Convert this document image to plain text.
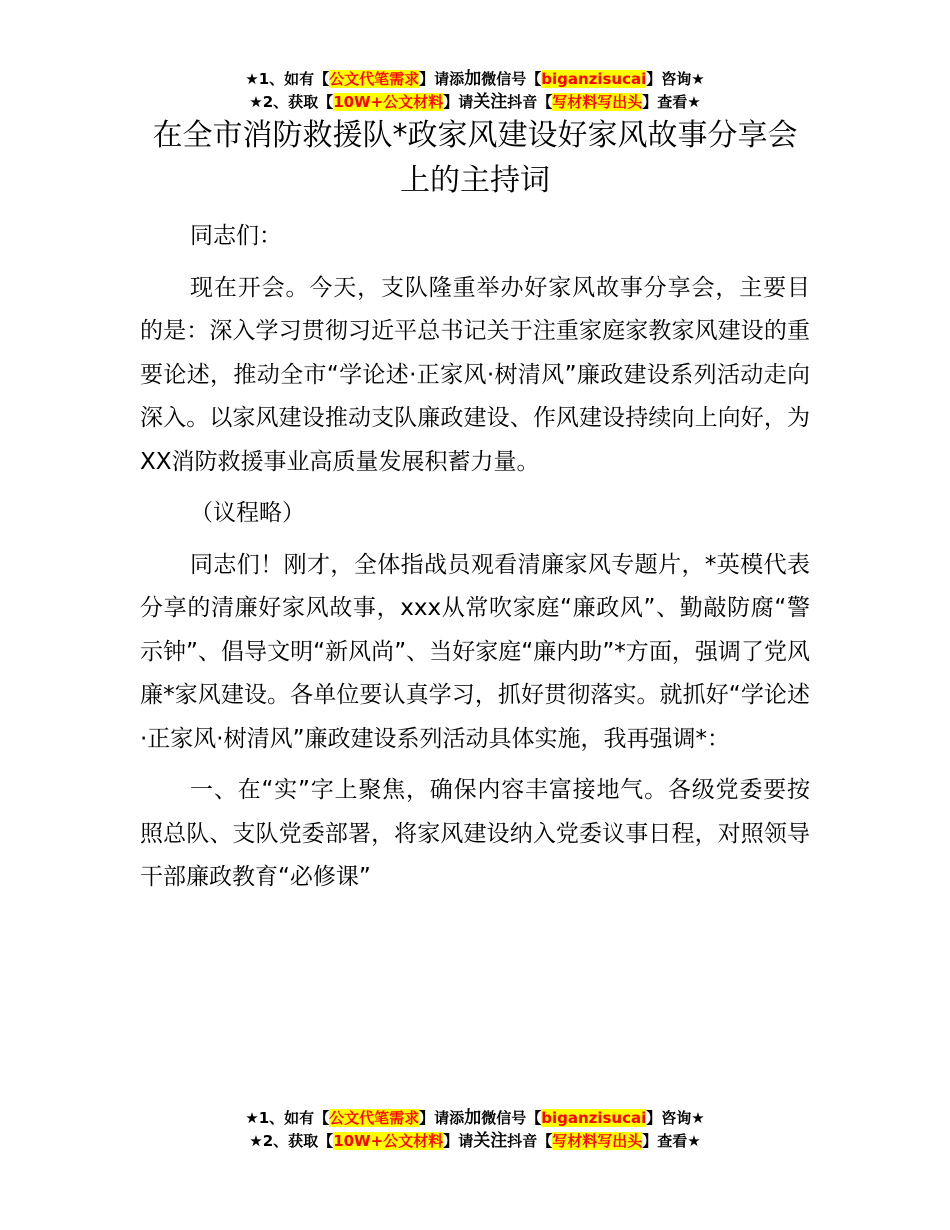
★1、如有【公文代笔需求】请添加微信号【biganzisucai】咨询★
★2、获取【10W+公文材料】请关注抖音【写材料写出头】查看★
在全市消防救援队*政家风建设好家风故事分享会上的主持词

同志们：

现在开会。今天，支队隆重举办好家风故事分享会，主要目的是：深入学习贯彻习近平总书记关于注重家庭家教家风建设的重要论述，推动全市“学论述·正家风·树清风”廉政建设系列活动走向深入。以家风建设推动支队廉政建设、作风建设持续向上向好，为XX消防救援事业高质量发展积蓄力量。

（议程略）

同志们！刚才，全体指战员观看清廉家风专题片，*英模代表分享的清廉好家风故事，xxx从常吹家庭“廉政风”、勤敲防腐“警示钟”、倡导文明“新风尚”、当好家庭“廉内助”*方面，强调了党风廉*家风建设。各单位要认真学习，抓好贯彻落实。就抓好“学论述·正家风·树清风”廉政建设系列活动具体实施，我再强调*：

一、在“实”字上聚焦，确保内容丰富接地气。各级党委要按照总队、支队党委部署，将家风建设纳入党委议事日程，对照领导干部廉政教育“必修课”

★1、如有【公文代笔需求】请添加微信号【biganzisucai】咨询★
★2、获取【10W+公文材料】请关注抖音【写材料写出头】查看★
